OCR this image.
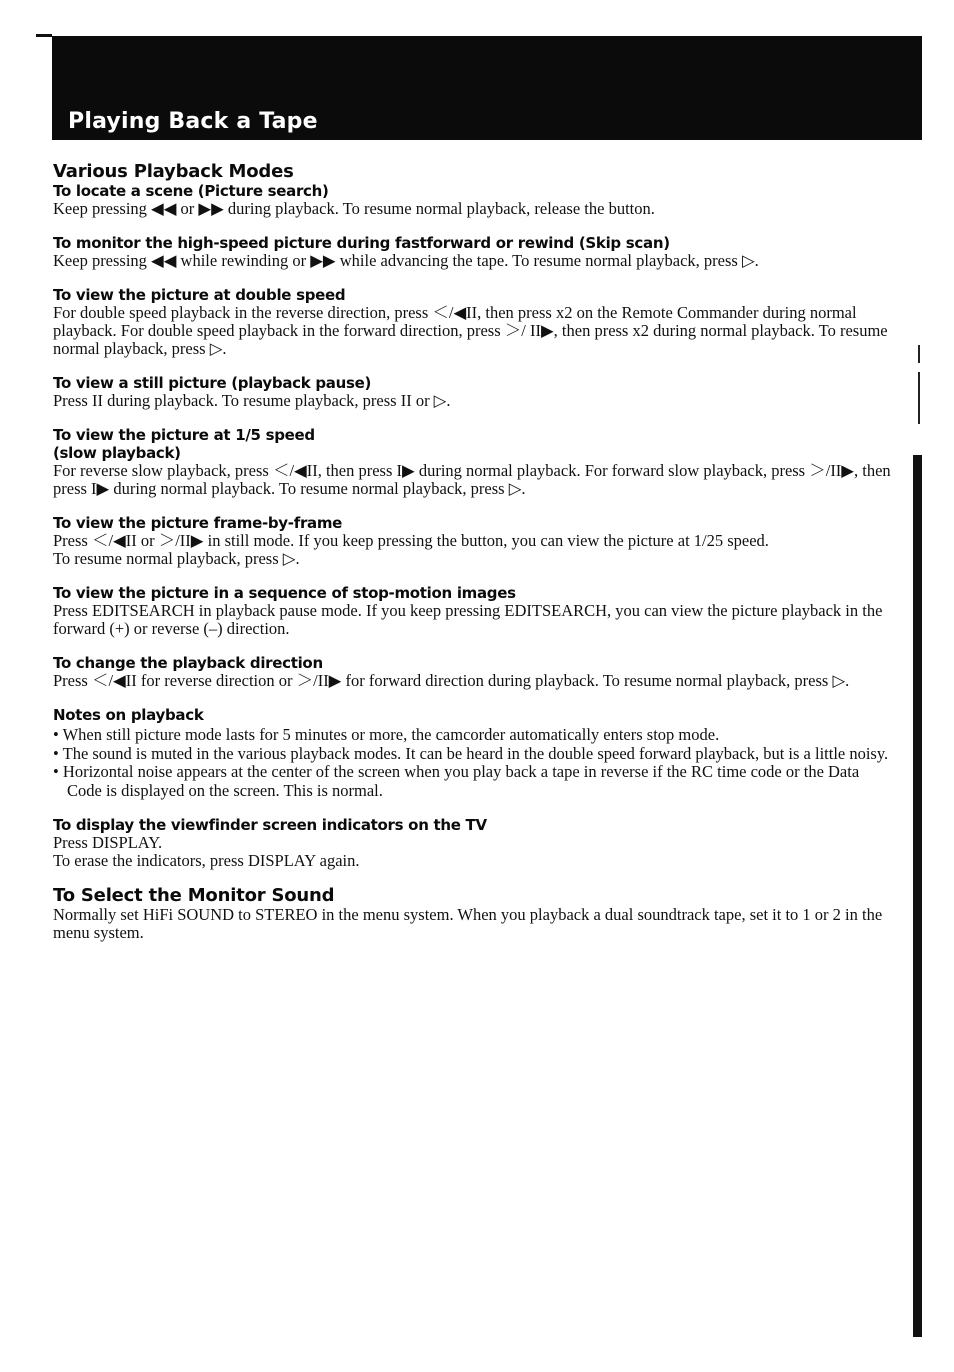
Playing Back a Tape
Various Playback Modes
To locate a scene (Picture search)

Keep pressing ◀◀ or ▶▶ during playback. To resume normal playback, release the button.

To monitor the high-speed picture during fastforward or rewind (Skip scan)

Keep pressing ◀◀ while rewinding or ▶▶ while advancing the tape. To resume normal playback, press ▷.

To view the picture at double speed

For double speed playback in the reverse direction, press ＜/◀II, then press x2 on the Remote Commander during normal playback. For double speed playback in the forward direction, press ＞/ II▶, then press x2 during normal playback. To resume normal playback, press ▷.

To view a still picture (playback pause)

Press II during playback. To resume playback, press II or ▷.

To view the picture at 1/5 speed
(slow playback)

For reverse slow playback, press ＜/◀II, then press I▶ during normal playback. For forward slow playback, press ＞/II▶, then press I▶ during normal playback. To resume normal playback, press ▷.

To view the picture frame-by-frame

Press ＜/◀II or ＞/II▶ in still mode. If you keep pressing the button, you can view the picture at 1/25 speed.

To resume normal playback, press ▷.

To view the picture in a sequence of stop-motion images

Press EDITSEARCH in playback pause mode. If you keep pressing EDITSEARCH, you can view the picture playback in the forward (+) or reverse (–) direction.

To change the playback direction

Press ＜/◀II for reverse direction or ＞/II▶ for forward direction during playback. To resume normal playback, press ▷.

Notes on playback
• When still picture mode lasts for 5 minutes or more, the camcorder automatically enters stop mode.
• The sound is muted in the various playback modes. It can be heard in the double speed forward playback, but is a little noisy.
• Horizontal noise appears at the center of the screen when you play back a tape in reverse if the RC time code or the Data Code is displayed on the screen. This is normal.
To display the viewfinder screen indicators on the TV

Press DISPLAY.

To erase the indicators, press DISPLAY again.

To Select the Monitor Sound

Normally set HiFi SOUND to STEREO in the menu system. When you playback a dual soundtrack tape, set it to 1 or 2 in the menu system.
